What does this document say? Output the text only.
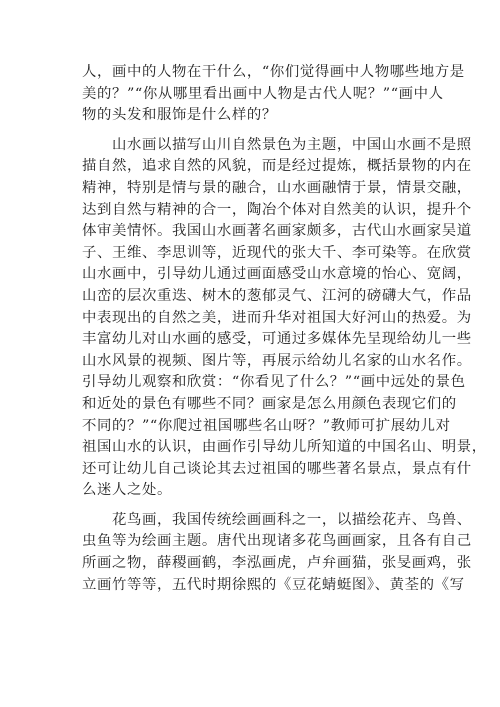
人，画中的人物在干什么，“你们觉得画中人物哪些地方是
美的？”“你从哪里看出画中人物是古代人呢？”“画中人
物的头发和服饰是什么样的？
　　山水画以描写山川自然景色为主题，中国山水画不是照
描自然，追求自然的风貌，而是经过提炼，概括景物的内在
精神，特别是情与景的融合，山水画融情于景，情景交融，
达到自然与精神的合一，陶冶个体对自然美的认识，提升个
体审美情怀。我国山水画著名画家颇多，古代山水画家吴道
子、王维、李思训等，近现代的张大千、李可染等。在欣赏
山水画中，引导幼儿通过画面感受山水意境的怡心、宽阔，
山峦的层次重迭、树木的葱郁灵气、江河的磅礴大气，作品
中表现出的自然之美，进而升华对祖国大好河山的热爱。为
丰富幼儿对山水画的感受，可通过多媒体先呈现给幼儿一些
山水风景的视频、图片等，再展示给幼儿名家的山水名作。
引导幼儿观察和欣赏：“你看见了什么？”“画中远处的景色
和近处的景色有哪些不同？画家是怎么用颜色表现它们的
不同的？”“你爬过祖国哪些名山呀？”教师可扩展幼儿对
祖国山水的认识，由画作引导幼儿所知道的中国名山、明景，
还可让幼儿自己谈论其去过祖国的哪些著名景点，景点有什
么迷人之处。
　　花鸟画，我国传统绘画画科之一，以描绘花卉、鸟兽、
虫鱼等为绘画主题。唐代出现诸多花鸟画画家，且各有自己
所画之物，薛稷画鹤，李泓画虎，卢弁画猫，张旻画鸡，张
立画竹等等，五代时期徐熙的《豆花蜻蜓图》、黄荃的《写
